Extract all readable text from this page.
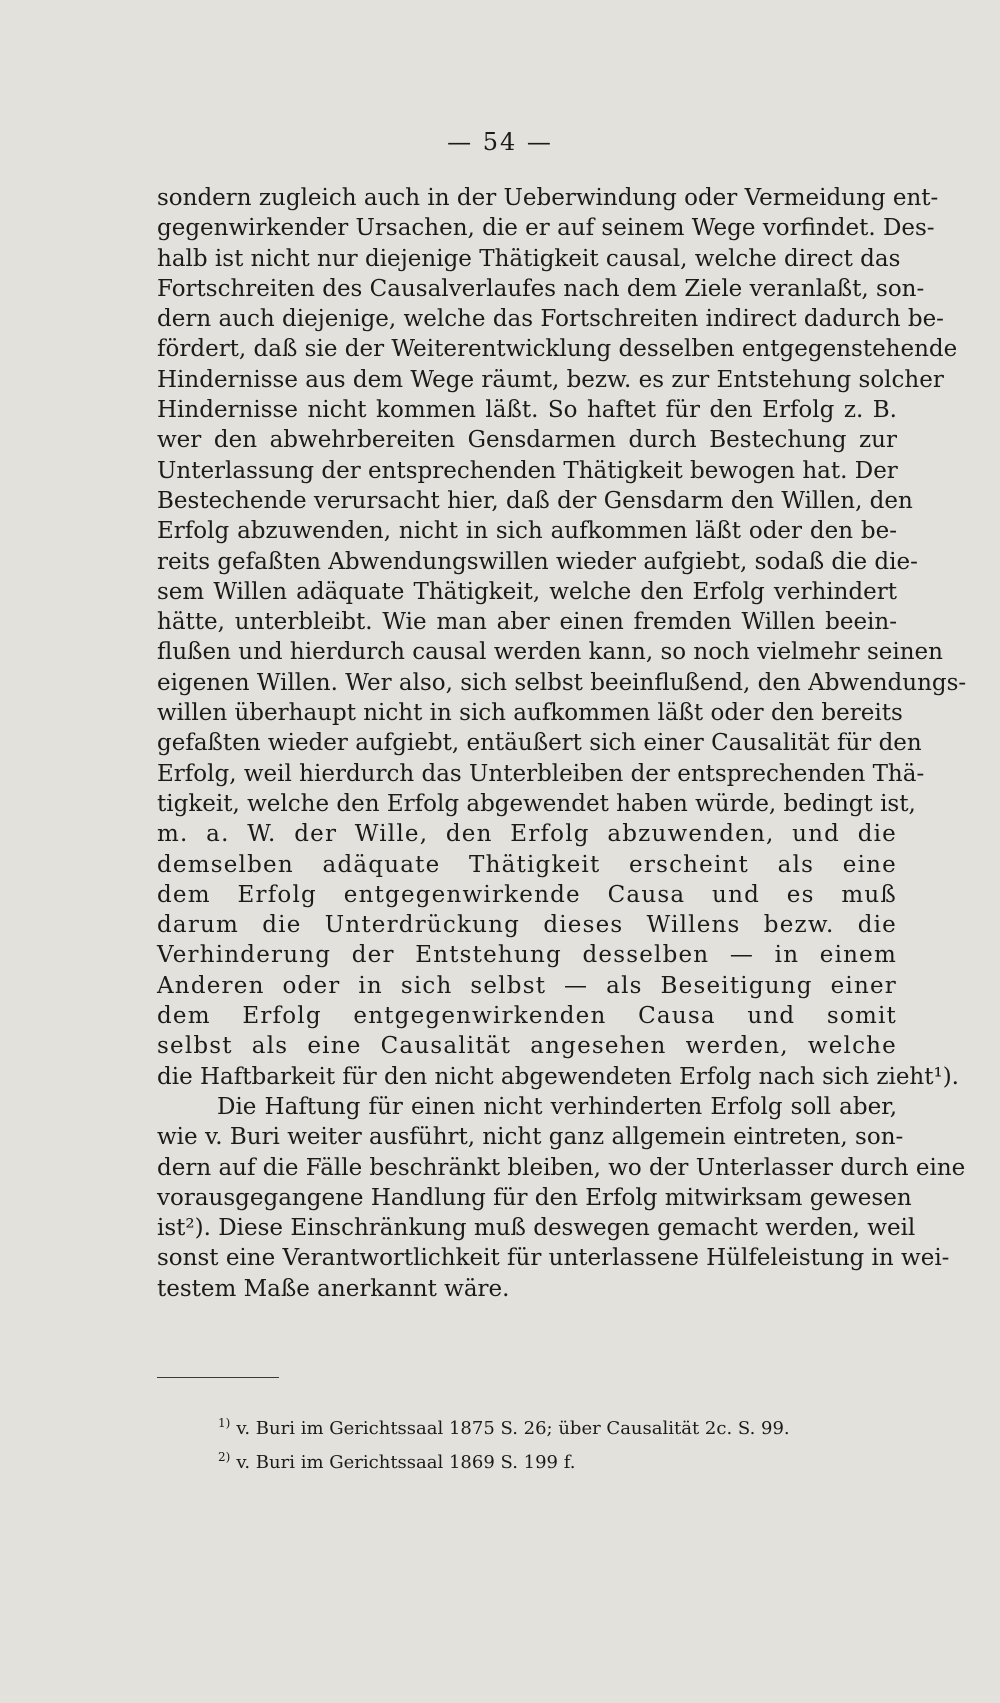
— 54 —
sondern zugleich auch in der Ueberwindung oder Vermeidung ent-
gegenwirkender Ursachen, die er auf seinem Wege vorfindet. Des-
halb ist nicht nur diejenige Thätigkeit causal, welche direct das
Fortschreiten des Causalverlaufes nach dem Ziele veranlaßt, son-
dern auch diejenige, welche das Fortschreiten indirect dadurch be-
fördert, daß sie der Weiterentwicklung desselben entgegenstehende
Hindernisse aus dem Wege räumt, bezw. es zur Entstehung solcher
Hindernisse nicht kommen läßt. So haftet für den Erfolg z. B.
wer den abwehrbereiten Gensdarmen durch Bestechung zur
Unterlassung der entsprechenden Thätigkeit bewogen hat. Der
Bestechende verursacht hier, daß der Gensdarm den Willen, den
Erfolg abzuwenden, nicht in sich aufkommen läßt oder den be-
reits gefaßten Abwendungswillen wieder aufgiebt, sodaß die die-
sem Willen adäquate Thätigkeit, welche den Erfolg verhindert
hätte, unterbleibt. Wie man aber einen fremden Willen beein-
flußen und hierdurch causal werden kann, so noch vielmehr seinen
eigenen Willen. Wer also, sich selbst beeinflußend, den Abwendungs-
willen überhaupt nicht in sich aufkommen läßt oder den bereits
gefaßten wieder aufgiebt, entäußert sich einer Causalität für den
Erfolg, weil hierdurch das Unterbleiben der entsprechenden Thä-
tigkeit, welche den Erfolg abgewendet haben würde, bedingt ist,
m. a. W. der Wille, den Erfolg abzuwenden, und die
demselben adäquate Thätigkeit erscheint als eine
dem Erfolg entgegenwirkende Causa und es muß
darum die Unterdrückung dieses Willens bezw. die
Verhinderung der Entstehung desselben — in einem
Anderen oder in sich selbst — als Beseitigung einer
dem Erfolg entgegenwirkenden Causa und somit
selbst als eine Causalität angesehen werden, welche
die Haftbarkeit für den nicht abgewendeten Erfolg nach sich zieht¹).
Die Haftung für einen nicht verhinderten Erfolg soll aber,
wie v. Buri weiter ausführt, nicht ganz allgemein eintreten, son-
dern auf die Fälle beschränkt bleiben, wo der Unterlasser durch eine
vorausgegangene Handlung für den Erfolg mitwirksam gewesen
ist²). Diese Einschränkung muß deswegen gemacht werden, weil
sonst eine Verantwortlichkeit für unterlassene Hülfeleistung in wei-
testem Maße anerkannt wäre.
$^{1)}$ v. Buri im Gerichtssaal 1875 S. 26; über Causalität 2c. S. 99.
$^{2)}$ v. Buri im Gerichtssaal 1869 S. 199 f.
